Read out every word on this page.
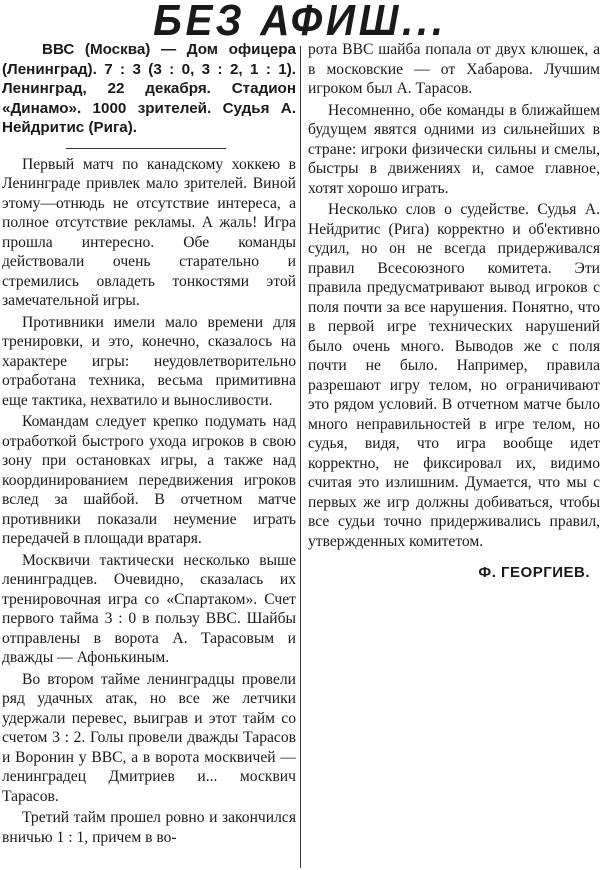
БЕЗ АФИШ...
ВВС (Москва) — Дом офицера (Ленинград). 7 : 3 (3 : 0, 3 : 2, 1 : 1). Ленинград, 22 декабря. Стадион «Динамо». 1000 зрителей. Судья А. Нейдритис (Рига).

Первый матч по канадскому хоккею в Ленинграде привлек мало зрителей. Виной этому—отнюдь не отсутствие интереса, а полное отсутствие рекламы. А жаль! Игра прошла интересно. Обе команды действовали очень старательно и стремились овладеть тонкостями этой замечательной игры.

Противники имели мало времени для тренировки, и это, конечно, сказалось на характере игры: неудовлетворительно отработана техника, весьма примитивна еще тактика, нехватило и выносливости.

Командам следует крепко подумать над отработкой быстрого ухода игроков в свою зону при остановках игры, а также над координированием передвижения игроков вслед за шайбой. В отчетном матче противники показали неумение играть передачей в площади вратаря.

Москвичи тактически несколько выше ленинградцев. Очевидно, сказалась их тренировочная игра со «Спартаком». Счет первого тайма 3 : 0 в пользу ВВС. Шайбы отправлены в ворота А. Тарасовым и дважды — Афонькиным.

Во втором тайме ленинградцы провели ряд удачных атак, но все же летчики удержали перевес, выиграв и этот тайм со счетом 3 : 2. Голы провели дважды Тарасов и Воронин у ВВС, а в ворота москвичей — ленинградец Дмитриев и... москвич Тарасов.

Третий тайм прошел ровно и закончился вничью 1 : 1, причем в во-

рота ВВС шайба попала от двух клюшек, а в московские — от Хабарова. Лучшим игроком был А. Тарасов.

Несомненно, обе команды в ближайшем будущем явятся одними из сильнейших в стране: игроки физически сильны и смелы, быстры в движениях и, самое главное, хотят хорошо играть.

Несколько слов о судействе. Судья А. Нейдритис (Рига) корректно и об'ективно судил, но он не всегда придерживался правил Всесоюзного комитета. Эти правила предусматривают вывод игроков с поля почти за все нарушения. Понятно, что в первой игре технических нарушений было очень много. Выводов же с поля почти не было. Например, правила разрешают игру телом, но ограничивают это рядом условий. В отчетном матче было много неправильностей в игре телом, но судья, видя, что игра вообще идет корректно, не фиксировал их, видимо считая это излишним. Думается, что мы с первых же игр должны добиваться, чтобы все судьи точно придерживались правил, утвержденных комитетом.

Ф. ГЕОРГИЕВ.
